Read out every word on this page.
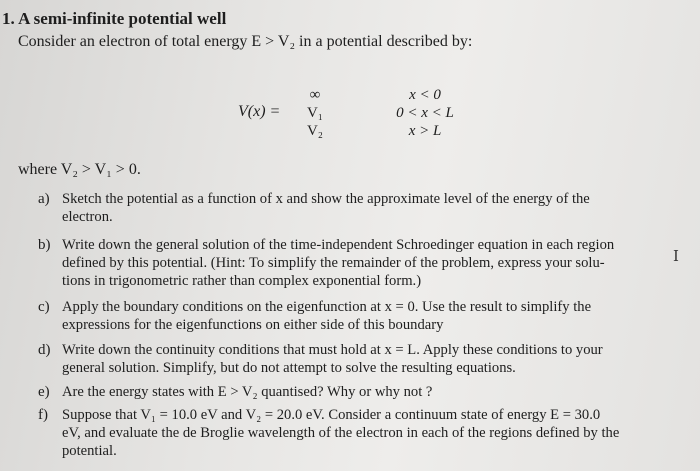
1. A semi-infinite potential well
Consider an electron of total energy E > V₂ in a potential described by:
V(x) =
∞
V₁
V₂
x < 0
0 < x < L
x > L
where V₂ > V₁ > 0.
a) Sketch the potential as a function of x and show the approximate level of the energy of the
electron.
b) Write down the general solution of the time-independent Schroedinger equation in each region
defined by this potential. (Hint: To simplify the remainder of the problem, express your solu-
tions in trigonometric rather than complex exponential form.)
c) Apply the boundary conditions on the eigenfunction at x = 0. Use the result to simplify the
expressions for the eigenfunctions on either side of this boundary
d) Write down the continuity conditions that must hold at x = L. Apply these conditions to your
general solution. Simplify, but do not attempt to solve the resulting equations.
e) Are the energy states with E > V₂ quantised? Why or why not ?
f) Suppose that V₁ = 10.0 eV and V₂ = 20.0 eV. Consider a continuum state of energy E = 30.0
eV, and evaluate the de Broglie wavelength of the electron in each of the regions defined by the
potential.
I
